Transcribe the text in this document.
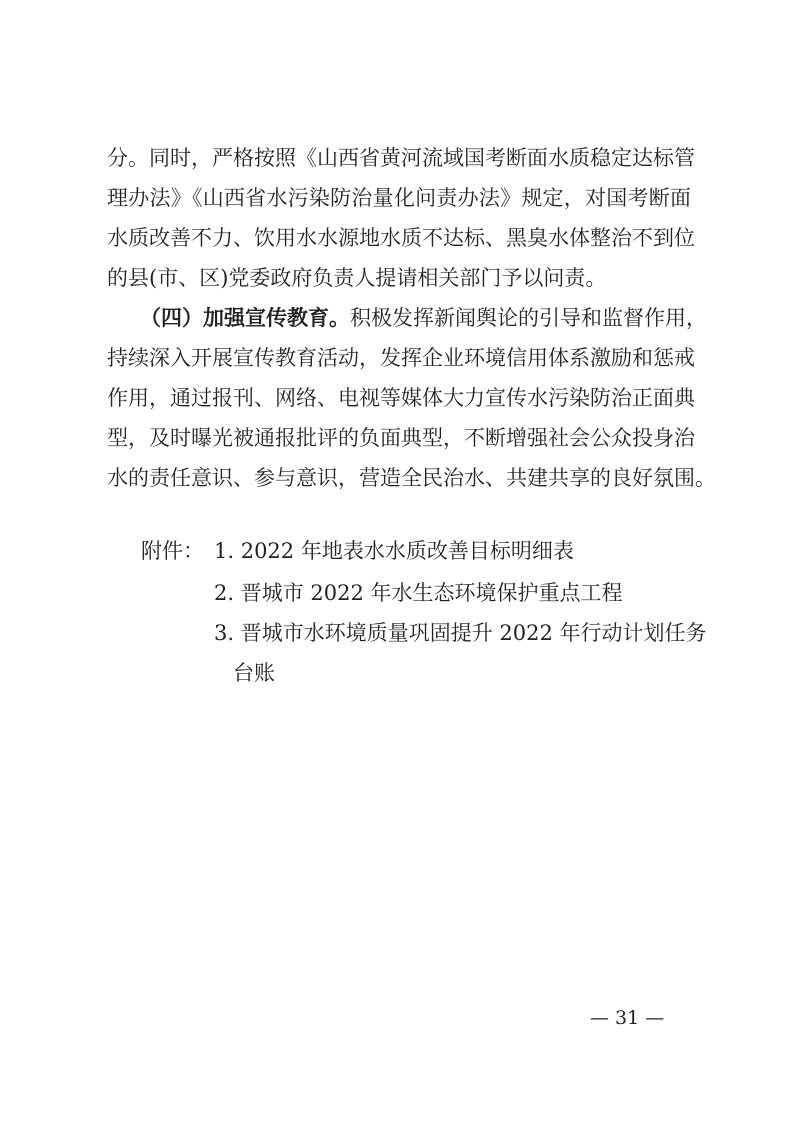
分。同时，严格按照《山西省黄河流域国考断面水质稳定达标管
理办法》《山西省水污染防治量化问责办法》规定，对国考断面
水质改善不力、饮用水水源地水质不达标、黑臭水体整治不到位
的县(市、区)党委政府负责人提请相关部门予以问责。
（四）加强宣传教育。 积极发挥新闻舆论的引导和监督作用，
持续深入开展宣传教育活动，发挥企业环境信用体系激励和惩戒
作用，通过报刊、网络、电视等媒体大力宣传水污染防治正面典
型，及时曝光被通报批评的负面典型，不断增强社会公众投身治
水的责任意识、参与意识，营造全民治水、共建共享的良好氛围。
附件： 1. 2022 年地表水水质改善目标明细表
2. 晋城市 2022 年水生态环境保护重点工程
3. 晋城市水环境质量巩固提升 2022 年行动计划任务
台账
— 31 —
